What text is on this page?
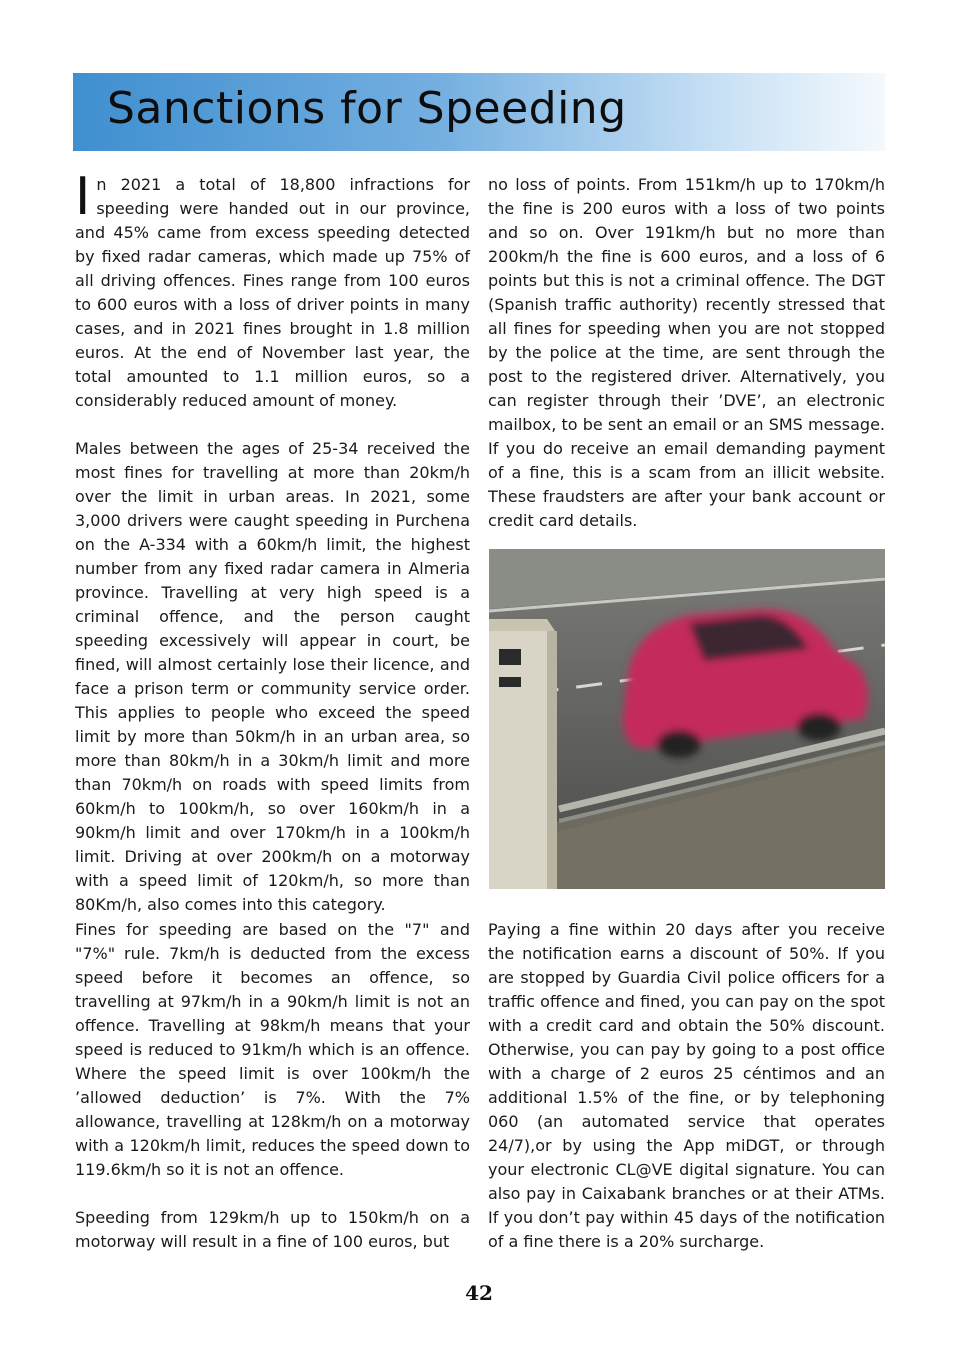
Sanctions for Speeding

In 2021 a total of 18,800 infractions for speeding were handed out in our province, and 45% came from excess speeding detected by fixed radar cameras, which made up 75% of all driving offences. Fines range from 100 euros to 600 euros with a loss of driver points in many cases, and in 2021 fines brought in 1.8 million euros. At the end of November last year, the total amounted to 1.1 million euros, so a considerably reduced amount of money.

Males between the ages of 25-34 received the most fines for travelling at more than 20km/h over the limit in urban areas. In 2021, some 3,000 drivers were caught speeding in Purchena on the A-334 with a 60km/h limit, the highest number from any fixed radar camera in Almeria province. Travelling at very high speed is a criminal offence, and the person caught speeding excessively will appear in court, be fined, will almost certainly lose their licence, and face a prison term or community service order. This applies to people who exceed the speed limit by more than 50km/h in an urban area, so more than 80km/h in a 30km/h limit and more than 70km/h on roads with speed limits from 60km/h to 100km/h, so over 160km/h in a 90km/h limit and over 170km/h in a 100km/h limit. Driving at over 200km/h on a motorway with a speed limit of 120km/h, so more than 80Km/h, also comes into this category.

no loss of points. From 151km/h up to 170km/h the fine is 200 euros with a loss of two points and so on. Over 191km/h but no more than 200km/h the fine is 600 euros, and a loss of 6 points but this is not a criminal offence. The DGT (Spanish traffic authority) recently stressed that all fines for speeding when you are not stopped by the police at the time, are sent through the post to the registered driver. Alternatively, you can register through their ’DVE’, an electronic mailbox, to be sent an email or an SMS message. If you do receive an email demanding payment of a fine, this is a scam from an illicit website. These fraudsters are after your bank account or credit card details.

Fines for speeding are based on the "7" and "7%" rule. 7km/h is deducted from the excess speed before it becomes an offence, so travelling at 97km/h in a 90km/h limit is not an offence. Travelling at 98km/h means that your speed is reduced to 91km/h which is an offence. Where the speed limit is over 100km/h the ’allowed deduction’ is 7%. With the 7% allowance, travelling at 128km/h on a motorway with a 120km/h limit, reduces the speed down to 119.6km/h so it is not an offence.

Speeding from 129km/h up to 150km/h on a motorway will result in a fine of 100 euros, but

Paying a fine within 20 days after you receive the notification earns a discount of 50%. If you are stopped by Guardia Civil police officers for a traffic offence and fined, you can pay on the spot with a credit card and obtain the 50% discount. Otherwise, you can pay by going to a post office with a charge of 2 euros 25 céntimos and an additional 1.5% of the fine, or by telephoning 060 (an automated service that operates 24/7),or by using the App miDGT, or through your electronic CL@VE digital signature. You can also pay in Caixabank branches or at their ATMs. If you don’t pay within 45 days of the notification of a fine there is a 20% surcharge.

42
